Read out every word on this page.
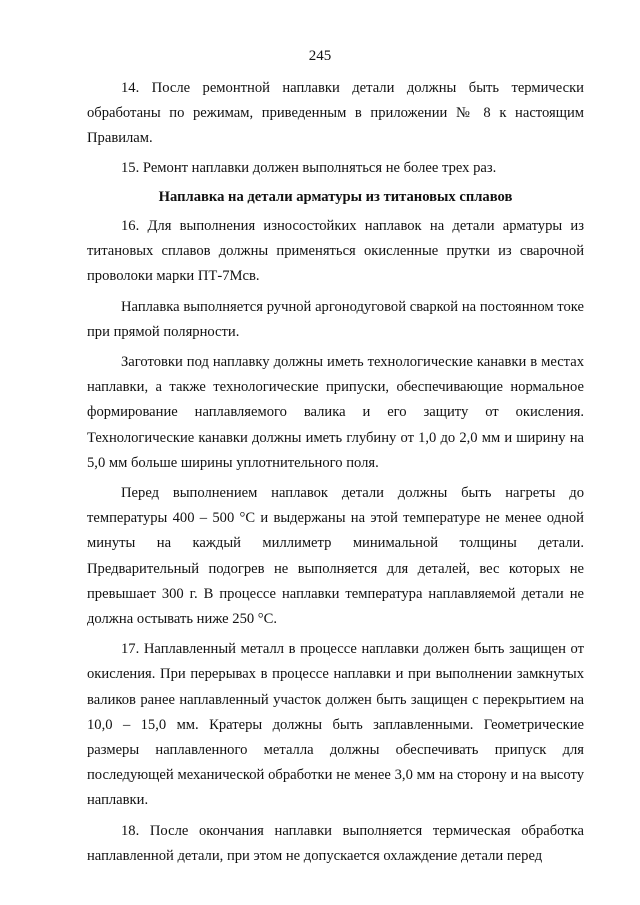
245

14. После ремонтной наплавки детали должны быть термически обработаны по режимам, приведенным в приложении № 8 к настоящим Правилам.

15. Ремонт наплавки должен выполняться не более трех раз.

Наплавка на детали арматуры из титановых сплавов

16. Для выполнения износостойких наплавок на детали арматуры из титановых сплавов должны применяться окисленные прутки из сварочной проволоки марки ПТ-7Мсв.

Наплавка выполняется ручной аргонодуговой сваркой на постоянном токе при прямой полярности.

Заготовки под наплавку должны иметь технологические канавки в местах наплавки, а также технологические припуски, обеспечивающие нормальное формирование наплавляемого валика и его защиту от окисления. Технологические канавки должны иметь глубину от 1,0 до 2,0 мм и ширину на 5,0 мм больше ширины уплотнительного поля.

Перед выполнением наплавок детали должны быть нагреты до температуры 400 – 500 °С и выдержаны на этой температуре не менее одной минуты на каждый миллиметр минимальной толщины детали. Предварительный подогрев не выполняется для деталей, вес которых не превышает 300 г. В процессе наплавки температура наплавляемой детали не должна остывать ниже 250 °С.

17. Наплавленный металл в процессе наплавки должен быть защищен от окисления. При перерывах в процессе наплавки и при выполнении замкнутых валиков ранее наплавленный участок должен быть защищен с перекрытием на 10,0 – 15,0 мм. Кратеры должны быть заплавленными. Геометрические размеры наплавленного металла должны обеспечивать припуск для последующей механической обработки не менее 3,0 мм на сторону и на высоту наплавки.

18. После окончания наплавки выполняется термическая обработка наплавленной детали, при этом не допускается охлаждение детали перед
